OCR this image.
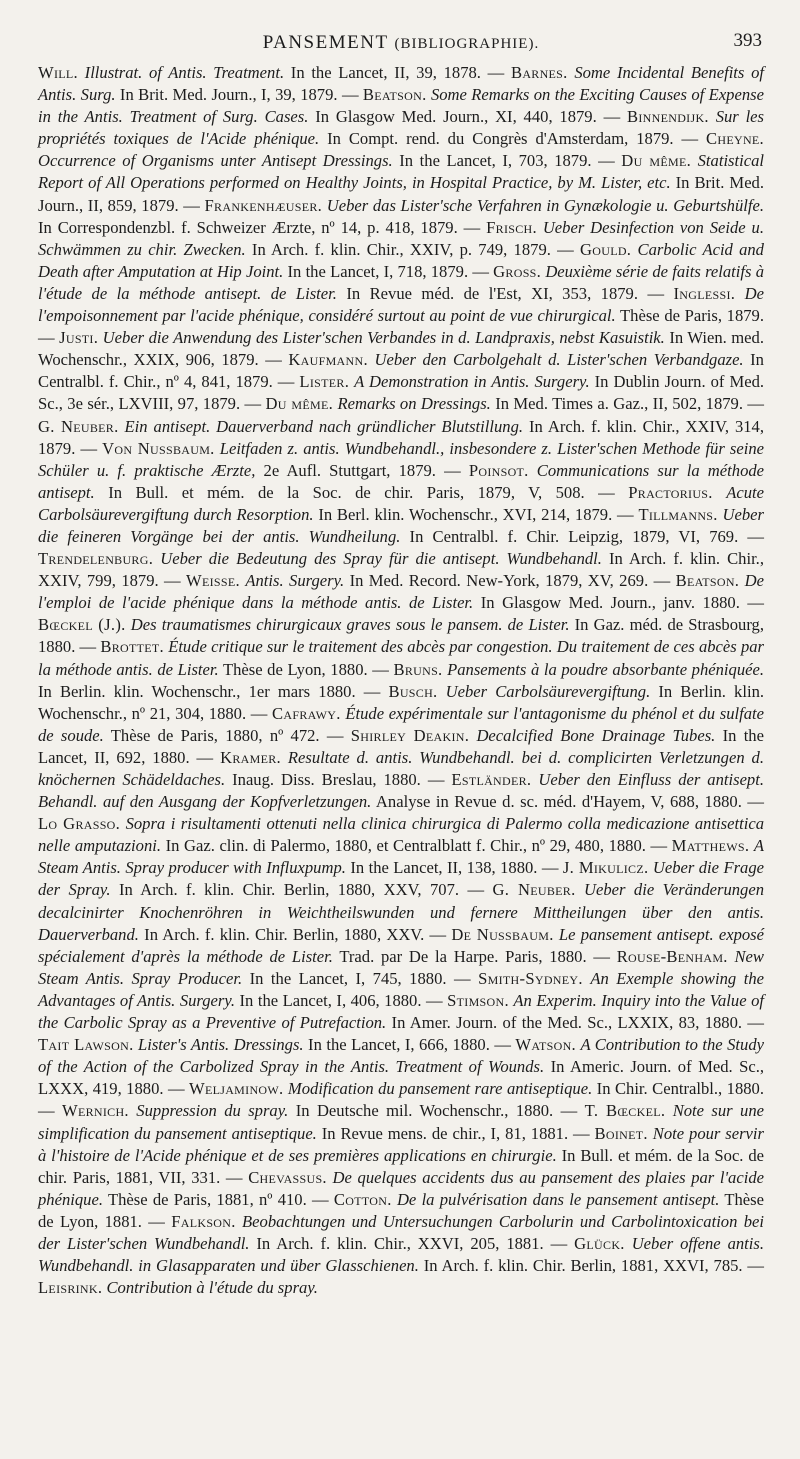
PANSEMENT (BIBLIOGRAPHIE).	393

Will. Illustrat. of Antis. Treatment. In the Lancet, II, 39, 1878. — Barnes. Some Incidental Benefits of Antis. Surg. In Brit. Med. Journ., I, 39, 1879. — Beatson. Some Remarks on the Exciting Causes of Expense in the Antis. Treatment of Surg. Cases. In Glasgow Med. Journ., XI, 440, 1879. — Binnendijk. Sur les propriétés toxiques de l'Acide phénique. In Compt. rend. du Congrès d'Amsterdam, 1879. — Cheyne. Occurrence of Organisms unter Antisept Dressings. In the Lancet, I, 703, 1879. — Du même. Statistical Report of All Operations performed on Healthy Joints, in Hospital Practice, by M. Lister, etc. In Brit. Med. Journ., II, 859, 1879. — Frankenhæuser. Ueber das Lister'sche Verfahren in Gynækologie u. Geburtshülfe. In Correspondenzbl. f. Schweizer Ærzte, nº 14, p. 418, 1879. — Frisch. Ueber Desinfection von Seide u. Schwämmen zu chir. Zwecken. In Arch. f. klin. Chir., XXIV, p. 749, 1879. — Gould. Carbolic Acid and Death after Amputation at Hip Joint. In the Lancet, I, 718, 1879. — Gross. Deuxième série de faits relatifs à l'étude de la méthode antisept. de Lister. In Revue méd. de l'Est, XI, 353, 1879. — Inglessi. De l'empoisonnement par l'acide phénique, considéré surtout au point de vue chirurgical. Thèse de Paris, 1879. — Justi. Ueber die Anwendung des Lister'schen Verbandes in d. Landpraxis, nebst Kasuistik. In Wien. med. Wochenschr., XXIX, 906, 1879. — Kaufmann. Ueber den Carbolgehalt d. Lister'schen Verbandgaze. In Centralbl. f. Chir., nº 4, 841, 1879. — Lister. A Demonstration in Antis. Surgery. In Dublin Journ. of Med. Sc., 3e sér., LXVIII, 97, 1879. — Du même. Remarks on Dressings. In Med. Times a. Gaz., II, 502, 1879. — G. Neuber. Ein antisept. Dauerverband nach gründlicher Blutstillung. In Arch. f. klin. Chir., XXIV, 314, 1879. — Von Nussbaum. Leitfaden z. antis. Wundbehandl., insbesondere z. Lister'schen Methode für seine Schüler u. f. praktische Ærzte, 2e Aufl. Stuttgart, 1879. — Poinsot. Communications sur la méthode antisept. In Bull. et mém. de la Soc. de chir. Paris, 1879, V, 508. — Practorius. Acute Carbolsäurevergiftung durch Resorption. In Berl. klin. Wochenschr., XVI, 214, 1879. — Tillmanns. Ueber die feineren Vorgänge bei der antis. Wundheilung. In Centralbl. f. Chir. Leipzig, 1879, VI, 769. — Trendelenburg. Ueber die Bedeutung des Spray für die antisept. Wundbehandl. In Arch. f. klin. Chir., XXIV, 799, 1879. — Weisse. Antis. Surgery. In Med. Record. New-York, 1879, XV, 269. — Beatson. De l'emploi de l'acide phénique dans la méthode antis. de Lister. In Glasgow Med. Journ., janv. 1880. — Bœckel (J.). Des traumatismes chirurgicaux graves sous le pansem. de Lister. In Gaz. méd. de Strasbourg, 1880. — Brottet. Étude critique sur le traitement des abcès par congestion. Du traitement de ces abcès par la méthode antis. de Lister. Thèse de Lyon, 1880. — Bruns. Pansements à la poudre absorbante phéniquée. In Berlin. klin. Wochenschr., 1er mars 1880. — Busch. Ueber Carbolsäurevergiftung. In Berlin. klin. Wochenschr., nº 21, 304, 1880. — Cafrawy. Étude expérimentale sur l'antagonisme du phénol et du sulfate de soude. Thèse de Paris, 1880, nº 472. — Shirley Deakin. Decalcified Bone Drainage Tubes. In the Lancet, II, 692, 1880. — Kramer. Resultate d. antis. Wundbehandl. bei d. complicirten Verletzungen d. knöchernen Schädeldaches. Inaug. Diss. Breslau, 1880. — Estländer. Ueber den Einfluss der antisept. Behandl. auf den Ausgang der Kopfverletzungen. Analyse in Revue d. sc. méd. d'Hayem, V, 688, 1880. — Lo Grasso. Sopra i risultamenti ottenuti nella clinica chirurgica di Palermo colla medicazione antisettica nelle amputazioni. In Gaz. clin. di Palermo, 1880, et Centralblatt f. Chir., nº 29, 480, 1880. — Matthews. A Steam Antis. Spray producer with Influxpump. In the Lancet, II, 138, 1880. — J. Mikulicz. Ueber die Frage der Spray. In Arch. f. klin. Chir. Berlin, 1880, XXV, 707. — G. Neuber. Ueber die Veränderungen decalcinirter Knochenröhren in Weichtheilswunden und fernere Mittheilungen über den antis. Dauerverband. In Arch. f. klin. Chir. Berlin, 1880, XXV. — De Nussbaum. Le pansement antisept. exposé spécialement d'après la méthode de Lister. Trad. par De la Harpe. Paris, 1880. — Rouse-Benham. New Steam Antis. Spray Producer. In the Lancet, I, 745, 1880. — Smith-Sydney. An Exemple showing the Advantages of Antis. Surgery. In the Lancet, I, 406, 1880. — Stimson. An Experim. Inquiry into the Value of the Carbolic Spray as a Preventive of Putrefaction. In Amer. Journ. of the Med. Sc., LXXIX, 83, 1880. — Tait Lawson. Lister's Antis. Dressings. In the Lancet, I, 666, 1880. — Watson. A Contribution to the Study of the Action of the Carbolized Spray in the Antis. Treatment of Wounds. In Americ. Journ. of Med. Sc., LXXX, 419, 1880. — Weljaminow. Modification du pansement rare antiseptique. In Chir. Centralbl., 1880. — Wernich. Suppression du spray. In Deutsche mil. Wochenschr., 1880. — T. Bœckel. Note sur une simplification du pansement antiseptique. In Revue mens. de chir., I, 81, 1881. — Boinet. Note pour servir à l'histoire de l'Acide phénique et de ses premières applications en chirurgie. In Bull. et mém. de la Soc. de chir. Paris, 1881, VII, 331. — Chevassus. De quelques accidents dus au pansement des plaies par l'acide phénique. Thèse de Paris, 1881, nº 410. — Cotton. De la pulvérisation dans le pansement antisept. Thèse de Lyon, 1881. — Falkson. Beobachtungen und Untersuchungen Carbolurin und Carbolintoxication bei der Lister'schen Wundbehandl. In Arch. f. klin. Chir., XXVI, 205, 1881. — Glück. Ueber offene antis. Wundbehandl. in Glasapparaten und über Glasschienen. In Arch. f. klin. Chir. Berlin, 1881, XXVI, 785. — Leisrink. Contribution à l'étude du spray.
